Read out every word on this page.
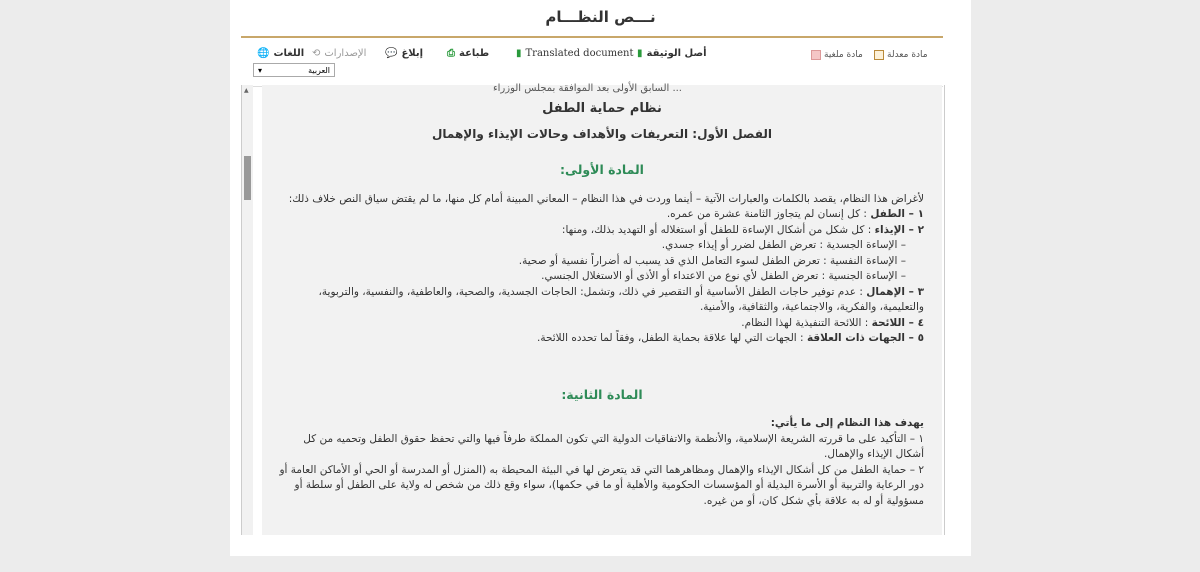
نـــص النظـــام
اللغات
🌐	الإصدارات
⟲	إبلاغ
💬	طباعة
⎙	Translated document
▮	أصل الوثيقة
▮	مادة ملغية	مادة معدلة
العربية
▾
▲	... السابق الأولى بعد الموافقة بمجلس الوزراء
نظام حماية الطفل
الفصل الأول: التعريفات والأهداف وحالات الإيذاء والإهمال
المادة الأولى:

لأغراض هذا النظام، يقصد بالكلمات والعبارات الآتية – أينما وردت في هذا النظام – المعاني المبينة أمام كل منها، ما لم يقتض سياق النص خلاف ذلك:

١ – الطفل : كل إنسان لم يتجاوز الثامنة عشرة من عمره.

٢ – الإيذاء : كل شكل من أشكال الإساءة للطفل أو استغلاله أو التهديد بذلك، ومنها:

– الإساءة الجسدية : تعرض الطفل لضرر أو إيذاء جسدي.

– الإساءة النفسية : تعرض الطفل لسوء التعامل الذي قد يسبب له أضراراً نفسية أو صحية.

– الإساءة الجنسية : تعرض الطفل لأي نوع من الاعتداء أو الأذى أو الاستغلال الجنسي.

٣ – الإهمال : عدم توفير حاجات الطفل الأساسية أو التقصير في ذلك، وتشمل: الحاجات الجسدية، والصحية، والعاطفية، والنفسية، والتربوية، والتعليمية، والفكرية، والاجتماعية، والثقافية، والأمنية.

٤ – اللائحة : اللائحة التنفيذية لهذا النظام.

٥ – الجهات ذات العلاقة : الجهات التي لها علاقة بحماية الطفل، وفقاً لما تحدده اللائحة.

المادة الثانية:

يهدف هذا النظام إلى ما يأتي:

١ – التأكيد على ما قررته الشريعة الإسلامية، والأنظمة والاتفاقيات الدولية التي تكون المملكة طرفاً فيها والتي تحفظ حقوق الطفل وتحميه من كل أشكال الإيذاء والإهمال.

٢ – حماية الطفل من كل أشكال الإيذاء والإهمال ومظاهرهما التي قد يتعرض لها في البيئة المحيطة به (المنزل أو المدرسة أو الحي أو الأماكن العامة أو دور الرعاية والتربية أو الأسرة البديلة أو المؤسسات الحكومية والأهلية أو ما في حكمها)، سواء وقع ذلك من شخص له ولاية على الطفل أو سلطة أو مسؤولية أو له به علاقة بأي شكل كان، أو من غيره.
